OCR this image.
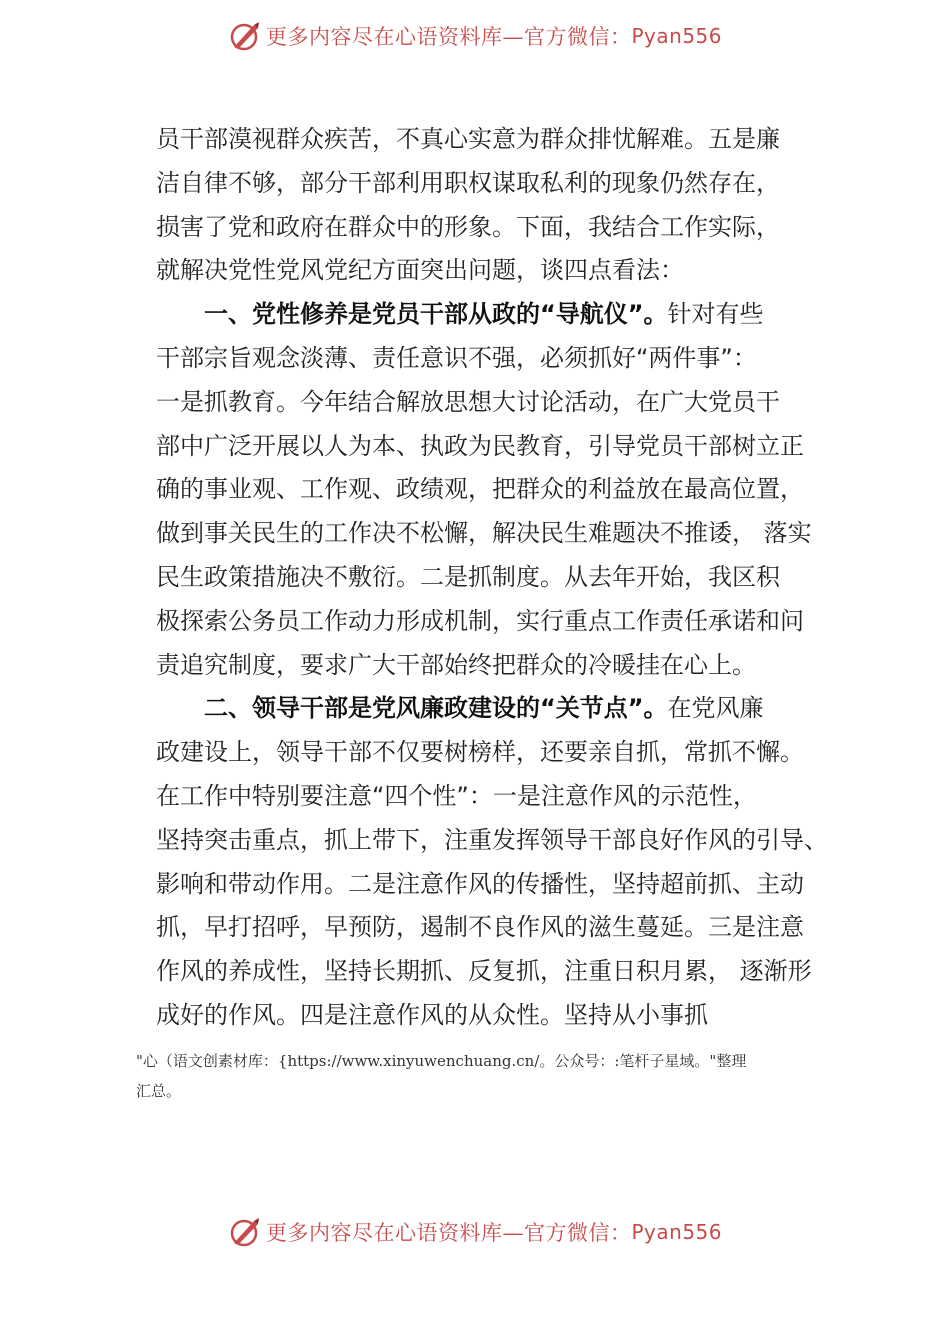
更多内容尽在心语资料库—官方微信： Pyan556

员干部漠视群众疾苦，不真心实意为群众排忧解难。五是廉

洁自律不够，部分干部利用职权谋取私利的现象仍然存在，

损害了党和政府在群众中的形象。下面，我结合工作实际，

就解决党性党风党纪方面突出问题，谈四点看法：

一、党性修养是党员干部从政的“导航仪”。针对有些

干部宗旨观念淡薄、责任意识不强，必须抓好“两件事”：

一是抓教育。今年结合解放思想大讨论活动，在广大党员干

部中广泛开展以人为本、执政为民教育，引导党员干部树立正

确的事业观、工作观、政绩观，把群众的利益放在最高位置，

做到事关民生的工作决不松懈，解决民生难题决不推诿， 落实

民生政策措施决不敷衍。二是抓制度。从去年开始，我区积

极探索公务员工作动力形成机制，实行重点工作责任承诺和问

责追究制度，要求广大干部始终把群众的冷暖挂在心上。

二、领导干部是党风廉政建设的“关节点”。在党风廉

政建设上，领导干部不仅要树榜样，还要亲自抓，常抓不懈。

在工作中特别要注意“四个性”：一是注意作风的示范性，

坚持突击重点，抓上带下，注重发挥领导干部良好作风的引导、

影响和带动作用。二是注意作风的传播性，坚持超前抓、主动

抓，早打招呼，早预防，遏制不良作风的滋生蔓延。三是注意

作风的养成性，坚持长期抓、反复抓，注重日积月累， 逐渐形

成好的作风。四是注意作风的从众性。坚持从小事抓

"心（语文创素材库：{https://www.xinyuwenchuang.cn/。公众号：:笔杆子星域。"整理

汇总。

更多内容尽在心语资料库—官方微信： Pyan556
